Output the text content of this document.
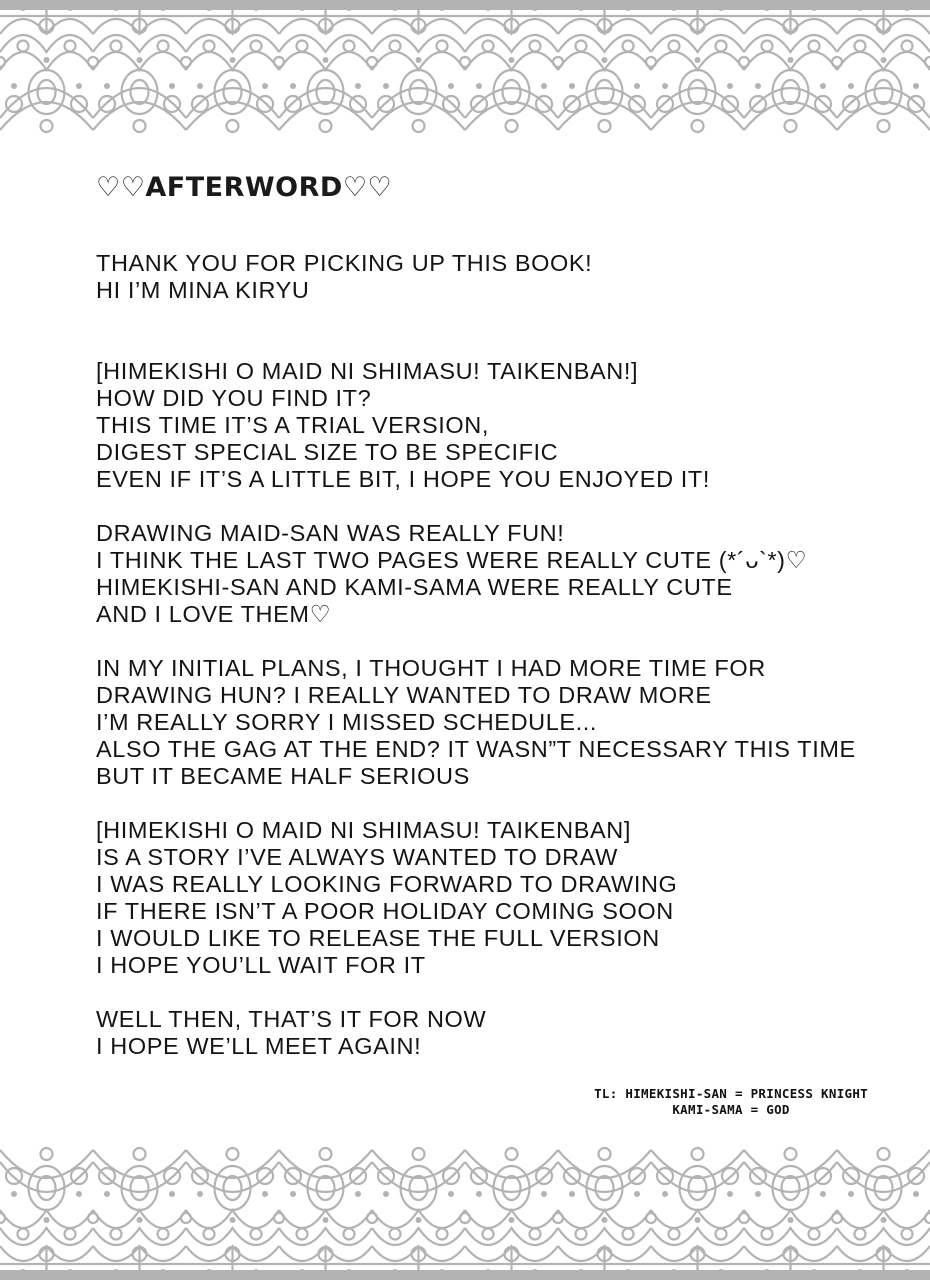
♡♡AFTERWORD♡♡
THANK YOU FOR PICKING UP THIS BOOK!
HI I’M MINA KIRYU
[HIMEKISHI O MAID NI SHIMASU! TAIKENBAN!]
HOW DID YOU FIND IT?
THIS TIME IT’S A TRIAL VERSION,
DIGEST SPECIAL SIZE TO BE SPECIFIC
EVEN IF IT’S A LITTLE BIT, I HOPE YOU ENJOYED IT!
DRAWING MAID-SAN WAS REALLY FUN!
I THINK THE LAST TWO PAGES WERE REALLY CUTE (*´ᴗ`*)♡
HIMEKISHI-SAN AND KAMI-SAMA WERE REALLY CUTE
AND I LOVE THEM♡
IN MY INITIAL PLANS, I THOUGHT I HAD MORE TIME FOR
DRAWING HUN? I REALLY WANTED TO DRAW MORE
I’M REALLY SORRY I MISSED SCHEDULE...
ALSO THE GAG AT THE END? IT WASN”T NECESSARY THIS TIME
BUT IT BECAME HALF SERIOUS
[HIMEKISHI O MAID NI SHIMASU! TAIKENBAN]
IS A STORY I’VE ALWAYS WANTED TO DRAW
I WAS REALLY LOOKING FORWARD TO DRAWING
IF THERE ISN’T A POOR HOLIDAY COMING SOON
I WOULD LIKE TO RELEASE THE FULL VERSION
I HOPE YOU’LL WAIT FOR IT
WELL THEN, THAT’S IT FOR NOW
I HOPE WE’LL MEET AGAIN!
TL: HIMEKISHI-SAN = PRINCESS KNIGHT
KAMI-SAMA = GOD
